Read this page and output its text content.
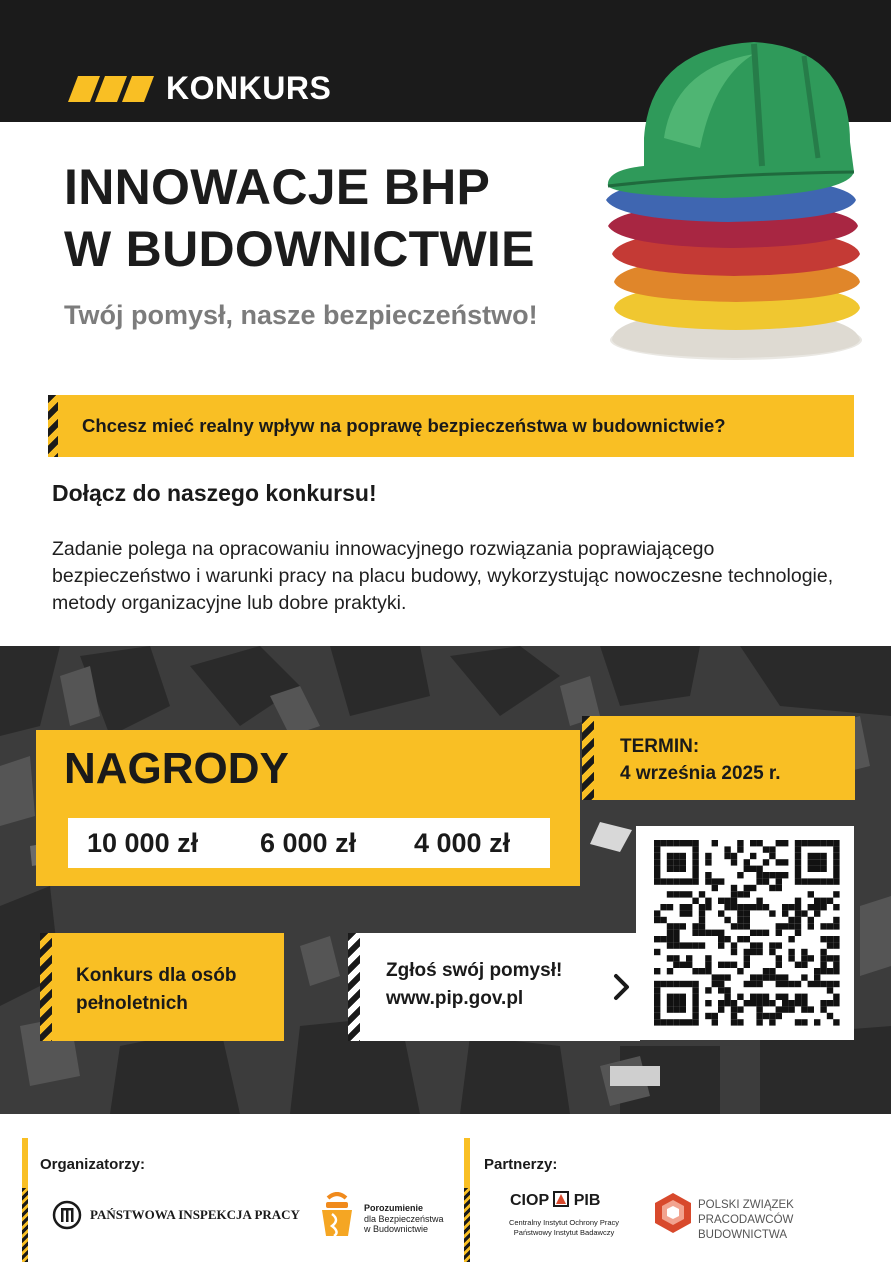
KONKURS
INNOWACJE BHP
W BUDOWNICTWIE
Twój pomysł, nasze bezpieczeństwo!
Chcesz mieć realny wpływ na poprawę bezpieczeństwa w budownictwie?
Dołącz do naszego konkursu!
Zadanie polega na opracowaniu innowacyjnego rozwiązania poprawiającego bezpieczeństwo i warunki pracy na placu budowy, wykorzystując nowoczesne technologie, metody organizacyjne lub dobre praktyki.
NAGRODY
10 000 zł 6 000 zł 4 000 zł
TERMIN:
4 września 2025 r.
Konkurs dla osób pełnoletnich
Zgłoś swój pomysł!
www.pip.gov.pl
Organizatorzy:	Partnerzy:
PAŃSTWOWA INSPEKCJA PRACY	Porozumienie
dla Bezpieczeństwa
w Budownictwie
CIOP PIB
Centralny Instytut Ochrony Pracy
Państwowy Instytut Badawczy
POLSKI ZWIĄZEK
PRACODAWCÓW BUDOWNICTWA
